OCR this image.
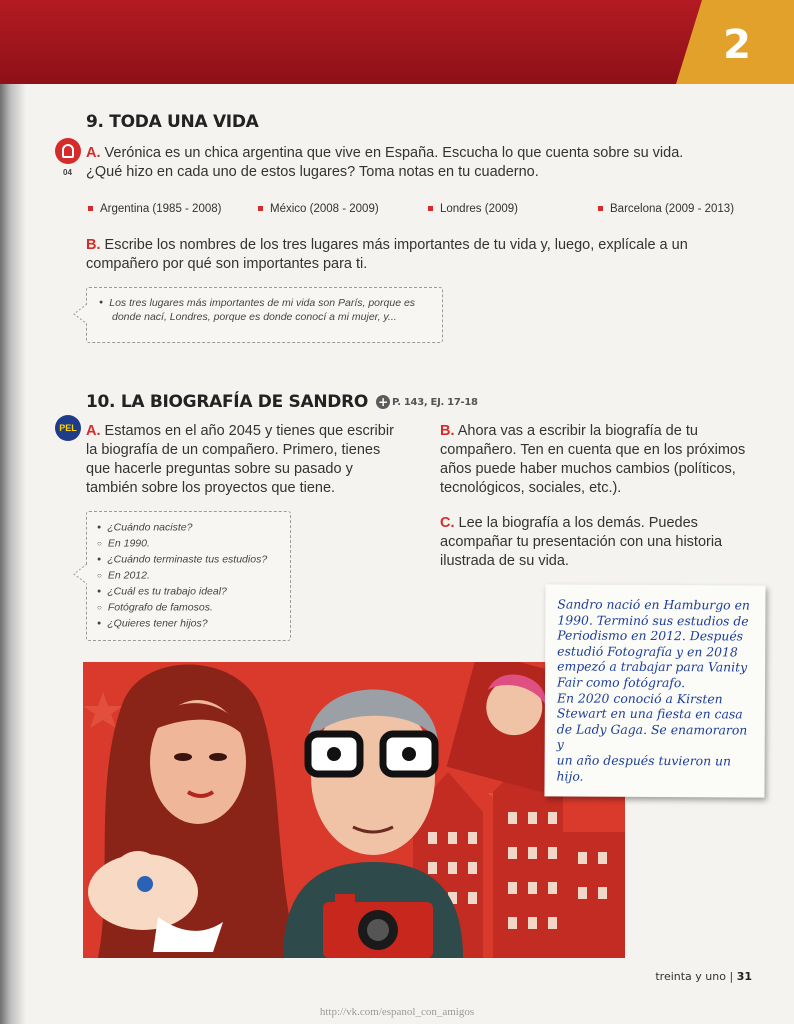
2
9. TODA UNA VIDA
04
A. Verónica es un chica argentina que vive en España. Escucha lo que cuenta sobre su vida.
¿Qué hizo en cada uno de estos lugares? Toma notas en tu cuaderno.
Argentina (1985 - 2008)	México (2008 - 2009)	Londres (2009)	Barcelona (2009 - 2013)
B. Escribe los nombres de los tres lugares más importantes de tu vida y, luego, explícale a un
compañero por qué son importantes para ti.
● Los tres lugares más importantes de mi vida son París, porque es
donde nací, Londres, porque es donde conocí a mi mujer, y...
10. LA BIOGRAFÍA DE SANDRO + P. 143, EJ. 17-18
PEL A. Estamos en el año 2045 y tienes que escribir
la biografía de un compañero. Primero, tienes
que hacerle preguntas sobre su pasado y
también sobre los proyectos que tiene.
● ¿Cuándo naciste?
○ En 1990.
● ¿Cuándo terminaste tus estudios?
○ En 2012.
● ¿Cuál es tu trabajo ideal?
○ Fotógrafo de famosos.
● ¿Quieres tener hijos?
B. Ahora vas a escribir la biografía de tu
compañero. Ten en cuenta que en los próximos
años puede haber muchos cambios (políticos,
tecnológicos, sociales, etc.).
C. Lee la biografía a los demás. Puedes
acompañar tu presentación con una historia
ilustrada de su vida.
Sandro nació en Hamburgo en
1990. Terminó sus estudios de
Periodismo en 2012. Después
estudió Fotografía y en 2018
empezó a trabajar para Vanity
Fair como fotógrafo.
En 2020 conoció a Kirsten
Stewart en una fiesta en casa
de Lady Gaga. Se enamoraron y
un año después tuvieron un hijo.
treinta y uno | 31
http://vk.com/espanol_con_amigos
